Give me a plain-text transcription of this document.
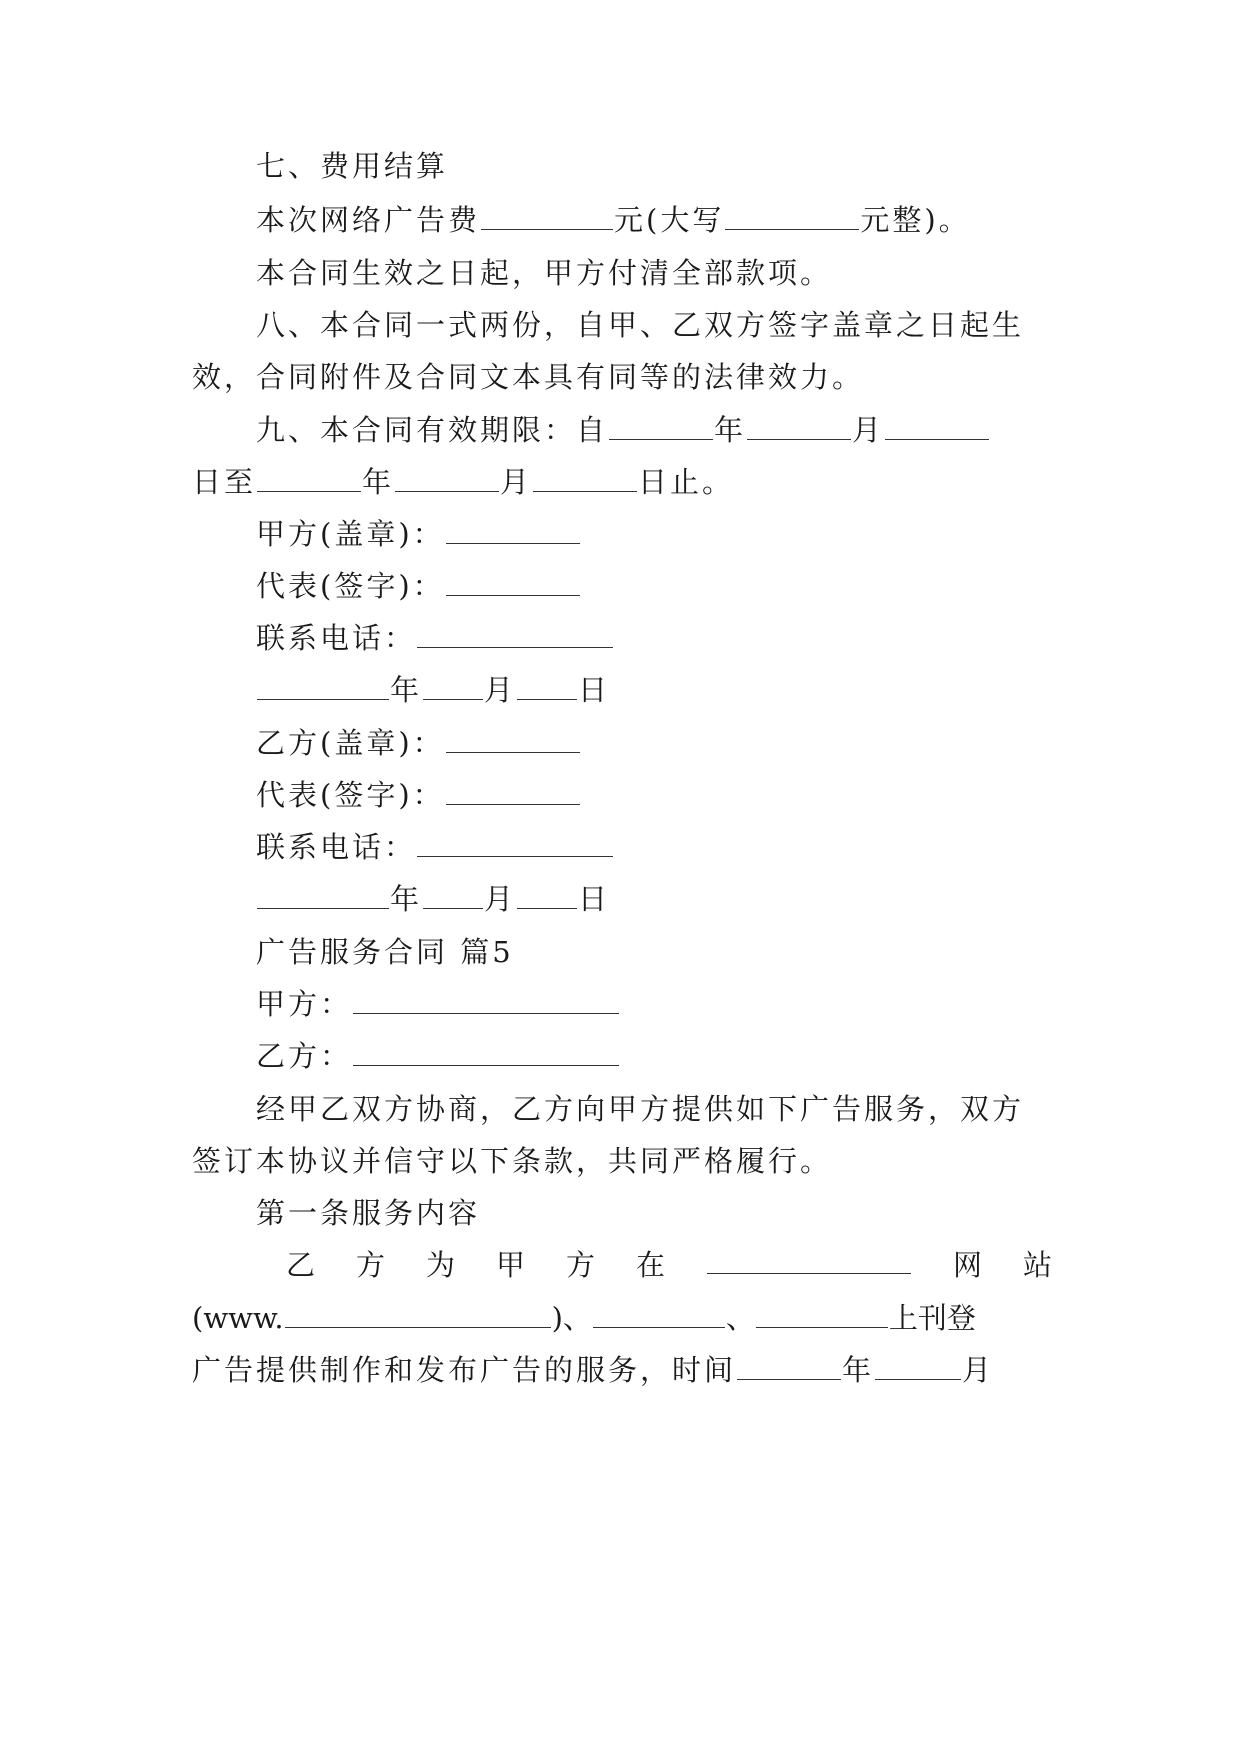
七、费用结算
本次网络广告费	元(大写	元整)。
本合同生效之日起，甲方付清全部款项。
八、本合同一式两份，自甲、乙双方签字盖章之日起生
效，合同附件及合同文本具有同等的法律效力。
九、本合同有效期限：自	年	月
日至	年	月	日止。
甲方(盖章)：
代表(签字)：
联系电话：
年 月 日
乙方(盖章)：
代表(签字)：
联系电话：
年 月 日
广告服务合同 篇5
甲方：
乙方：
经甲乙双方协商，乙方向甲方提供如下广告服务，双方
签订本协议并信守以下条款，共同严格履行。
第一条服务内容
乙 方 为 甲 方 在	网 站
(www.	)、	、	上刊登
广告提供制作和发布广告的服务，时间	年	月
